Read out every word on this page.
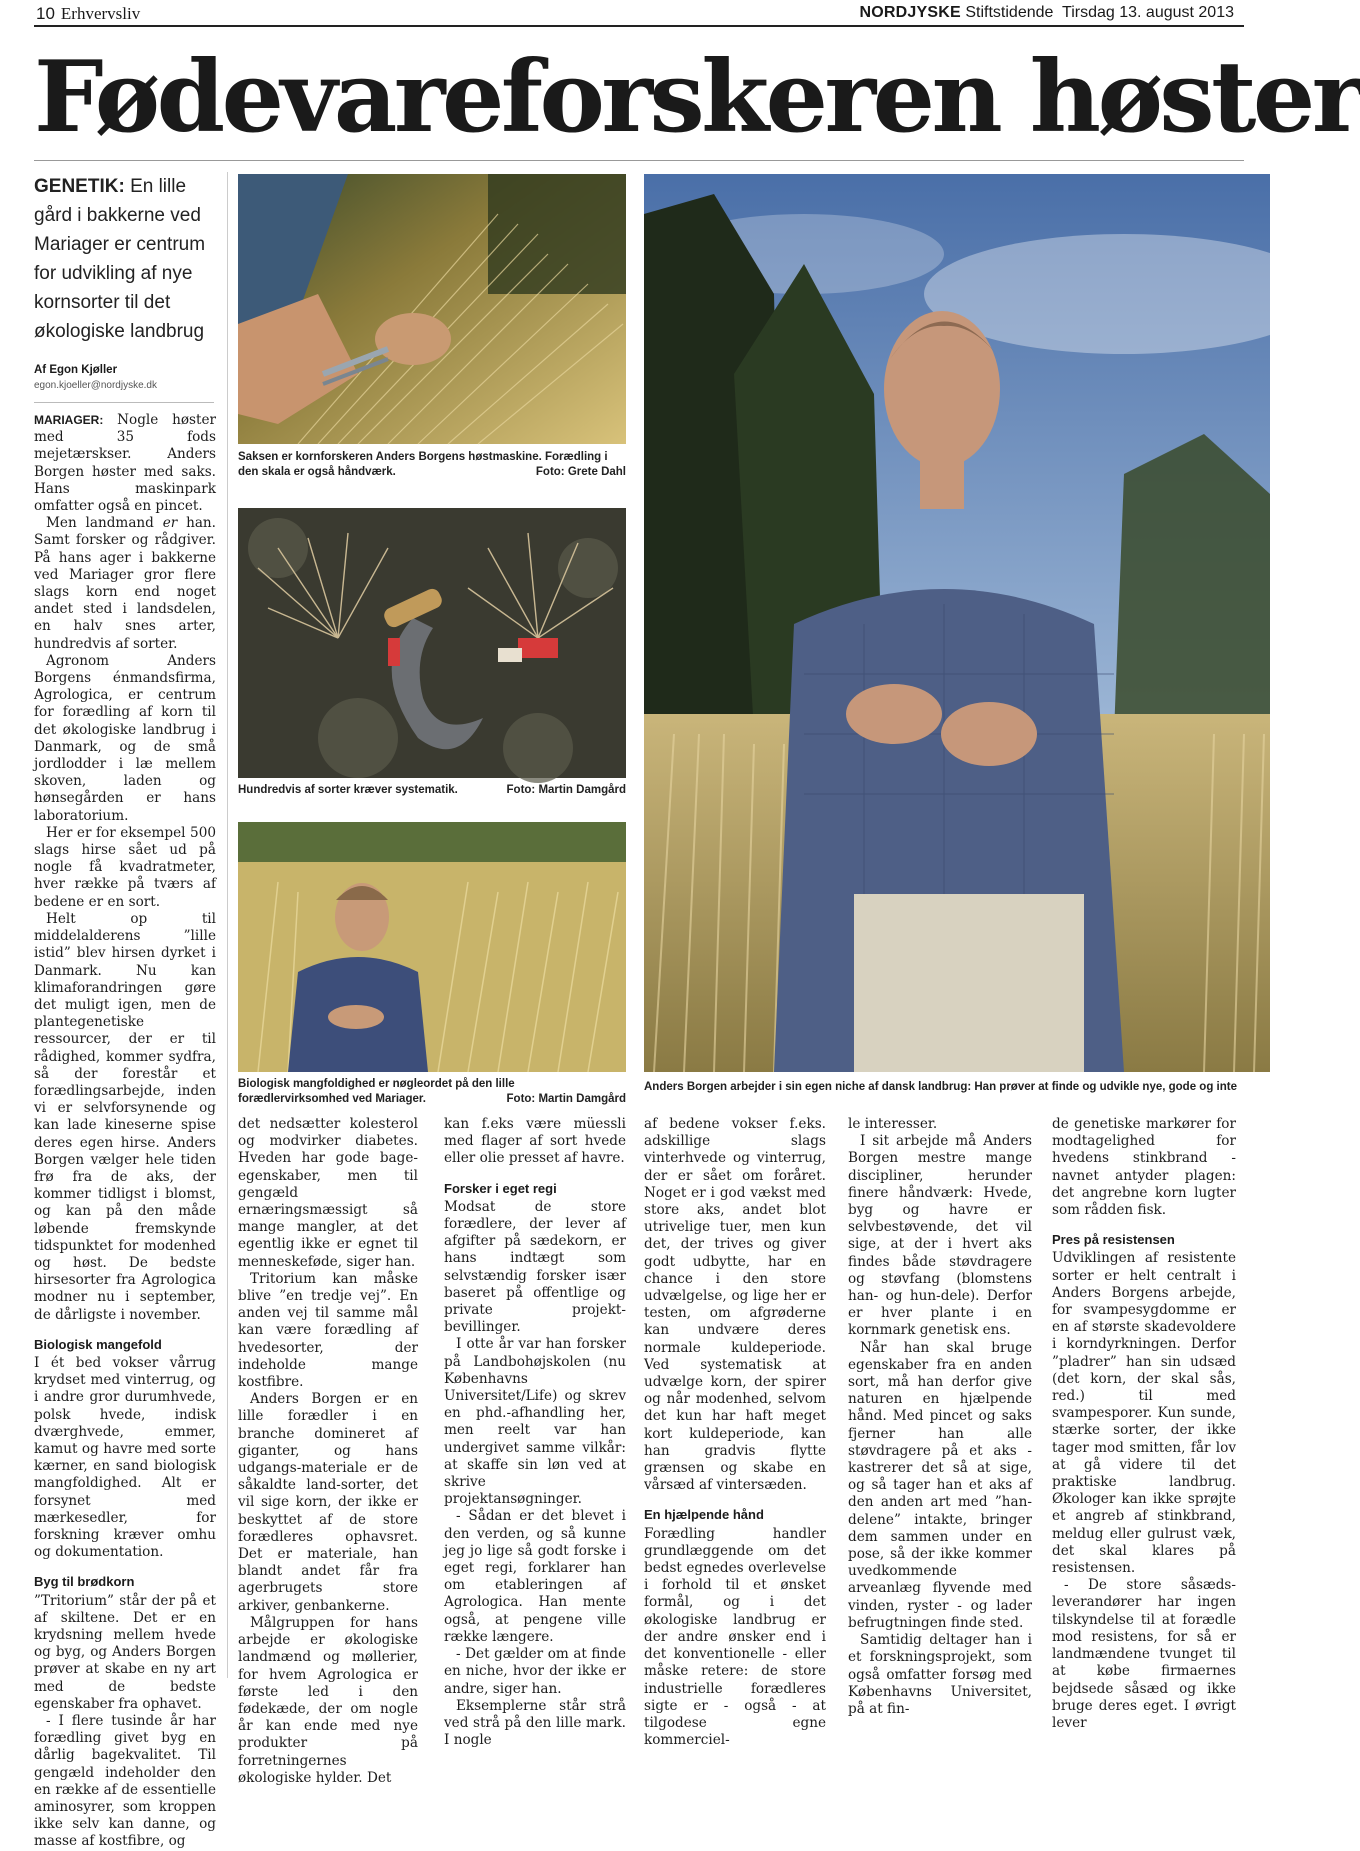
10 Erhvervsliv	NORDJYSKE Stiftstidende Tirsdag 13. august 2013
Fødevareforskeren høster
GENETIK: En lille gård i bakkerne ved Mariager er centrum for udvikling af nye kornsorter til det økologiske landbrug
Af Egon Kjøller
egon.kjoeller@nordjyske.dk

MARIAGER: Nogle høster med 35 fods mejetærskser. Anders Borgen høster med saks. Hans maskinpark omfatter også en pincet.

Men landmand er han. Samt forsker og rådgiver. På hans ager i bakkerne ved Mariager gror flere slags korn end noget andet sted i landsdelen, en halv snes arter, hundredvis af sorter.

Agronom Anders Borgens énmandsfirma, Agrologica, er centrum for forædling af korn til det økologiske landbrug i Danmark, og de små jordlodder i læ mellem skoven, laden og hønsegården er hans laboratorium.

Her er for eksempel 500 slags hirse sået ud på nogle få kvadratmeter, hver række på tværs af bedene er en sort.

Helt op til middelalderens ”lille istid” blev hirsen dyrket i Danmark. Nu kan klimaforandringen gøre det muligt igen, men de plantegenetiske ressourcer, der er til rådighed, kommer sydfra, så der forestår et forædlingsarbejde, inden vi er selvforsynende og kan lade kineserne spise deres egen hirse. Anders Borgen vælger hele tiden frø fra de aks, der kommer tidligst i blomst, og kan på den måde løbende fremskynde tidspunktet for modenhed og høst. De bedste hirsesorter fra Agrologica modner nu i september, de dårligste i november.

Biologisk mangefold

I ét bed vokser vårrug krydset med vinterrug, og i andre gror durumhvede, polsk hvede, indisk dværghvede, emmer, kamut og havre med sorte kærner, en sand biologisk mangfoldighed. Alt er forsynet med mærkesedler, for forskning kræver omhu og dokumentation.

Byg til brødkorn

”Tritorium” står der på et af skiltene. Det er en krydsning mellem hvede og byg, og Anders Borgen prøver at skabe en ny art med de bedste egenskaber fra ophavet.

- I flere tusinde år har forædling givet byg en dårlig bagekvalitet. Til gengæld indeholder den en række af de essentielle aminosyrer, som kroppen ikke selv kan danne, og masse af kostfibre, og

Saksen er kornforskeren Anders Borgens høstmaskine. Forædling i den skala er også håndværk.	Foto: Grete Dahl
Hundredvis af sorter kræver systematik.	Foto: Martin Damgård
Biologisk mangfoldighed er nøgleordet på den lille forædlervirksomhed ved Mariager.	Foto: Martin Damgård
Anders Borgen arbejder i sin egen niche af dansk landbrug: Han prøver at finde og udvikle nye, gode og inte

det nedsætter kolesterol og modvirker diabetes. Hveden har gode bage-egenskaber, men til gengæld ernæringsmæssigt så mange mangler, at det egentlig ikke er egnet til menneskeføde, siger han.

Tritorium kan måske blive ”en tredje vej”. En anden vej til samme mål kan være forædling af hvedesorter, der indeholde mange kostfibre.

Anders Borgen er en lille forædler i en branche domineret af giganter, og hans udgangs-materiale er de såkaldte land-sorter, det vil sige korn, der ikke er beskyttet af de store forædleres ophavsret. Det er materiale, han blandt andet får fra agerbrugets store arkiver, genbankerne.

Målgruppen for hans arbejde er økologiske landmænd og møllerier, for hvem Agrologica er første led i den fødekæde, der om nogle år kan ende med nye produkter på forretningernes økologiske hylder. Det

kan f.eks være müessli med flager af sort hvede eller olie presset af havre.

Forsker i eget regi

Modsat de store forædlere, der lever af afgifter på sædekorn, er hans indtægt som selvstændig forsker især baseret på offentlige og private projekt-bevillinger.

I otte år var han forsker på Landbohøjskolen (nu Københavns Universitet/Life) og skrev en phd.-afhandling her, men reelt var han undergivet samme vilkår: at skaffe sin løn ved at skrive projektansøgninger.

- Sådan er det blevet i den verden, og så kunne jeg jo lige så godt forske i eget regi, forklarer han om etableringen af Agrologica. Han mente også, at pengene ville række længere.

- Det gælder om at finde en niche, hvor der ikke er andre, siger han.

Eksemplerne står strå ved strå på den lille mark. I nogle

af bedene vokser f.eks. adskillige slags vinterhvede og vinterrug, der er sået om foråret. Noget er i god vækst med store aks, andet blot utrivelige tuer, men kun det, der trives og giver godt udbytte, har en chance i den store udvælgelse, og lige her er testen, om afgrøderne kan undvære deres normale kuldeperiode. Ved systematisk at udvælge korn, der spirer og når modenhed, selvom det kun har haft meget kort kuldeperiode, kan han gradvis flytte grænsen og skabe en vårsæd af vintersæden.

En hjælpende hånd

Forædling handler grundlæggende om det bedst egnedes overlevelse i forhold til et ønsket formål, og i det økologiske landbrug er der andre ønsker end i det konventionelle - eller måske retere: de store industrielle forædleres sigte er - også - at tilgodese egne kommerciel-

le interesser.

I sit arbejde må Anders Borgen mestre mange discipliner, herunder finere håndværk: Hvede, byg og havre er selvbestøvende, det vil sige, at der i hvert aks findes både støvdragere og støvfang (blomstens han- og hun-dele). Derfor er hver plante i en kornmark genetisk ens.

Når han skal bruge egenskaber fra en anden sort, må han derfor give naturen en hjælpende hånd. Med pincet og saks fjerner han alle støvdragere på et aks - kastrerer det så at sige, og så tager han et aks af den anden art med ”han-delene” intakte, bringer dem sammen under en pose, så der ikke kommer uvedkommende arveanlæg flyvende med vinden, ryster - og lader befrugtningen finde sted.

Samtidig deltager han i et forskningsprojekt, som også omfatter forsøg med Københavns Universitet, på at fin-

de genetiske markører for modtagelighed for hvedens stinkbrand - navnet antyder plagen: det angrebne korn lugter som rådden fisk.

Pres på resistensen

Udviklingen af resistente sorter er helt centralt i Anders Borgens arbejde, for svampesygdomme er en af største skadevoldere i korndyrkningen. Derfor ”pladrer” han sin udsæd (det korn, der skal sås, red.) til med svampesporer. Kun sunde, stærke sorter, der ikke tager mod smitten, får lov at gå videre til det praktiske landbrug. Økologer kan ikke sprøjte et angreb af stinkbrand, meldug eller gulrust væk, det skal klares på resistensen.

- De store såsæds-leverandører har ingen tilskyndelse til at forædle mod resistens, for så er landmændene tvunget til at købe firmaernes bejdsede såsæd og ikke bruge deres eget. I øvrigt lever
